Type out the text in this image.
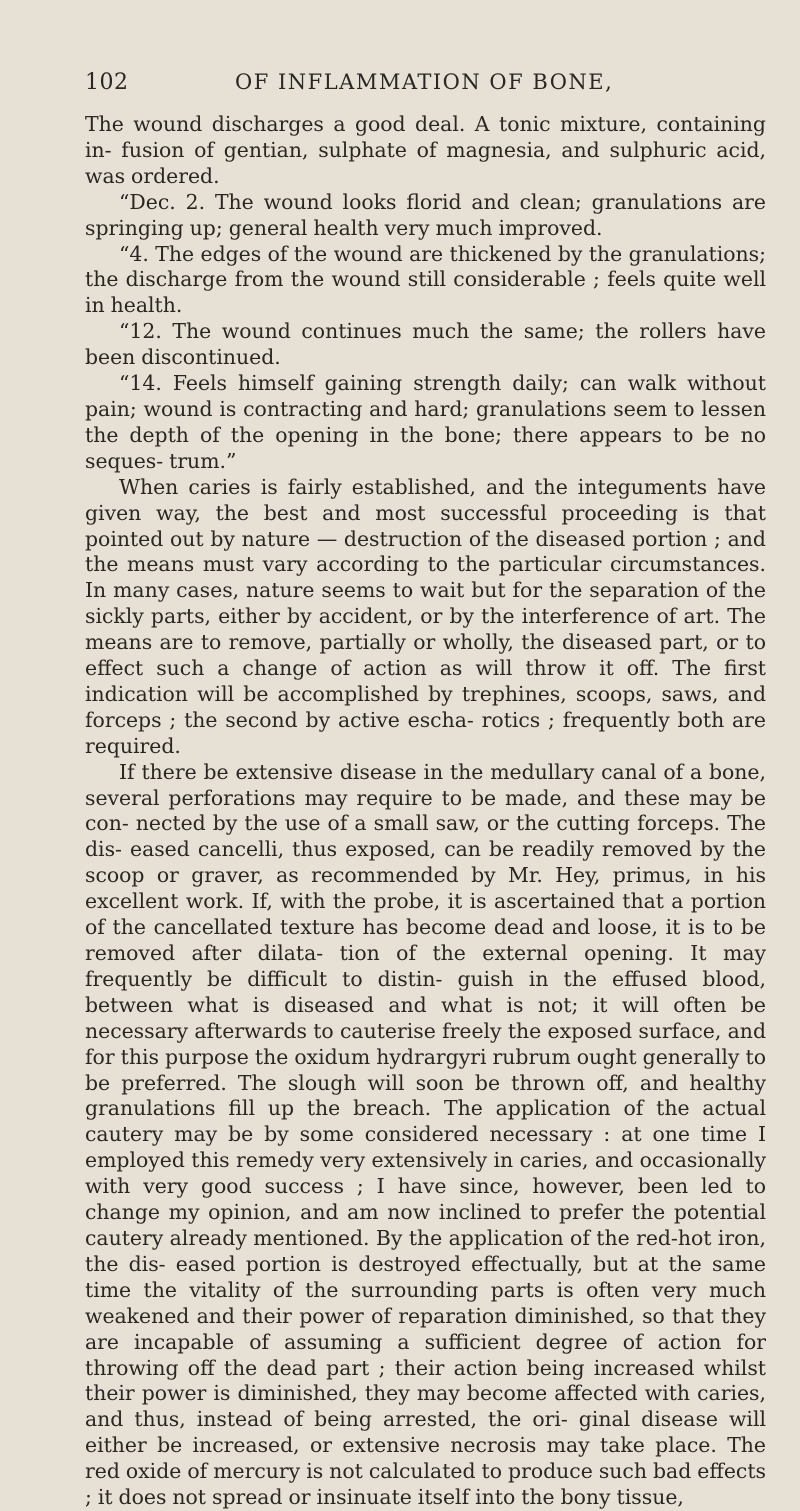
102	OF INFLAMMATION OF BONE,

The wound discharges a good deal. A tonic mixture, containing in- fusion of gentian, sulphate of magnesia, and sulphuric acid, was ordered.

“Dec. 2. The wound looks florid and clean; granulations are springing up; general health very much improved.

“4. The edges of the wound are thickened by the granulations; the discharge from the wound still considerable ; feels quite well in health.

“12. The wound continues much the same; the rollers have been discontinued.

“14. Feels himself gaining strength daily; can walk without pain; wound is contracting and hard; granulations seem to lessen the depth of the opening in the bone; there appears to be no seques- trum.”

When caries is fairly established, and the integuments have given way, the best and most successful proceeding is that pointed out by nature — destruction of the diseased portion ; and the means must vary according to the particular circumstances. In many cases, nature seems to wait but for the separation of the sickly parts, either by accident, or by the interference of art. The means are to remove, partially or wholly, the diseased part, or to effect such a change of action as will throw it off. The first indication will be accomplished by trephines, scoops, saws, and forceps ; the second by active escha- rotics ; frequently both are required.

If there be extensive disease in the medullary canal of a bone, several perforations may require to be made, and these may be con- nected by the use of a small saw, or the cutting forceps. The dis- eased cancelli, thus exposed, can be readily removed by the scoop or graver, as recommended by Mr. Hey, primus, in his excellent work. If, with the probe, it is ascertained that a portion of the cancellated texture has become dead and loose, it is to be removed after dilata- tion of the external opening. It may frequently be difficult to distin- guish in the effused blood, between what is diseased and what is not; it will often be necessary afterwards to cauterise freely the exposed surface, and for this purpose the oxidum hydrargyri rubrum ought generally to be preferred. The slough will soon be thrown off, and healthy granulations fill up the breach. The application of the actual cautery may be by some considered necessary : at one time I employed this remedy very extensively in caries, and occasionally with very good success ; I have since, however, been led to change my opinion, and am now inclined to prefer the potential cautery already mentioned. By the application of the red-hot iron, the dis- eased portion is destroyed effectually, but at the same time the vitality of the surrounding parts is often very much weakened and their power of reparation diminished, so that they are incapable of assuming a sufficient degree of action for throwing off the dead part ; their action being increased whilst their power is diminished, they may become affected with caries, and thus, instead of being arrested, the ori- ginal disease will either be increased, or extensive necrosis may take place. The red oxide of mercury is not calculated to produce such bad effects ; it does not spread or insinuate itself into the bony tissue,
